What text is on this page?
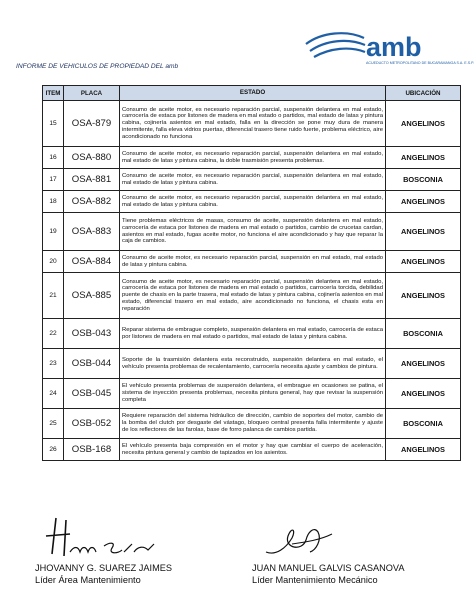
amb
ACUEDUCTO METROPOLITANO DE BUCARAMANGA S.A. E.S.P.
INFORME DE VEHICULOS DE PROPIEDAD DEL amb
ITEM	PLACA	ESTADO	UBICACIÓN
15	OSA-879	Consumo de aceite motor, es necesario reparación parcial, suspensión delantera en mal estado, carrocería de estaca por listones de madera en mal estado o partidos, mal estado de latas y pintura cabina, cojinería asientos en mal estado, falla en la dirección se pone muy dura de manera intermitente, falla eleva vidrios puertas, diferencial trasero tiene ruido fuerte, problema eléctrico, aire acondicionado no funciona	ANGELINOS
16	OSA-880	Consumo de aceite motor, es necesario reparación parcial, suspensión delantera en mal estado, mal estado de latas y pintura cabina, la doble trasmisión presenta problemas.	ANGELINOS
17	OSA-881	Consumo de aceite motor, es necesario reparación parcial, suspensión delantera en mal estado, mal estado de latas y pintura cabina.	BOSCONIA
18	OSA-882	Consumo de aceite motor, es necesario reparación parcial, suspensión delantera en mal estado, mal estado de latas y pintura cabina.	ANGELINOS
19	OSA-883	Tiene problemas eléctricos de masas, consumo de aceite, suspensión delantera en mal estado, carrocería de estaca por listones de madera en mal estado o partidos, cambio de crucetas cardan, asientos en mal estado, fugas aceite motor, no funciona el aire acondicionado y hay que reparar la caja de cambios.	ANGELINOS
20	OSA-884	Consumo de aceite motor, es necesario reparación parcial, suspensión en mal estado, mal estado de latas y pintura cabina.	ANGELINOS
21	OSA-885	Consumo de aceite motor, es necesario reparación parcial, suspensión delantera en mal estado, carrocería de estaca por listones de madera en mal estado o partidos, carrocería torcida, debilidad puente de chasis en la parte trasera, mal estado de latas y pintura cabina, cojinería asientos en mal estado, diferencial trasero en mal estado, aire acondicionado no funciona, el chasis esta en reparación	ANGELINOS
22	OSB-043	Reparar sistema de embrague completo, suspensión delantera en mal estado, carrocería de estaca por listones de madera en mal estado o partidos, mal estado de latas y pintura cabina.	BOSCONIA
23	OSB-044	Soporte de la trasmisión delantera esta reconstruido, suspensión delantera en mal estado, el vehículo presenta problemas de recalentamiento, carrocería necesita ajuste y cambios de pintura.	ANGELINOS
24	OSB-045	El vehículo presenta problemas de suspensión delantera, el embrague en ocasiones se patina, el sistema de inyección presenta problemas, necesita pintura general, hay que revisar la suspensión completa	ANGELINOS
25	OSB-052	Requiere reparación del sistema hidráulico de dirección, cambio de soportes del motor, cambio de la bomba del clutch por desgaste del vástago, bloqueo central presenta falla intermitente y ajuste de los reflectores de las farolas, base de forro palanca de cambios partida.	BOSCONIA
26	OSB-168	El vehículo presenta baja compresión en el motor y hay que cambiar el cuerpo de aceleración, necesita pintura general y cambio de tapizados en los asientos.	ANGELINOS
JHOVANNY G. SUAREZ JAIMES
Líder Área Mantenimiento
JUAN MANUEL GALVIS CASANOVA
Líder Mantenimiento Mecánico
